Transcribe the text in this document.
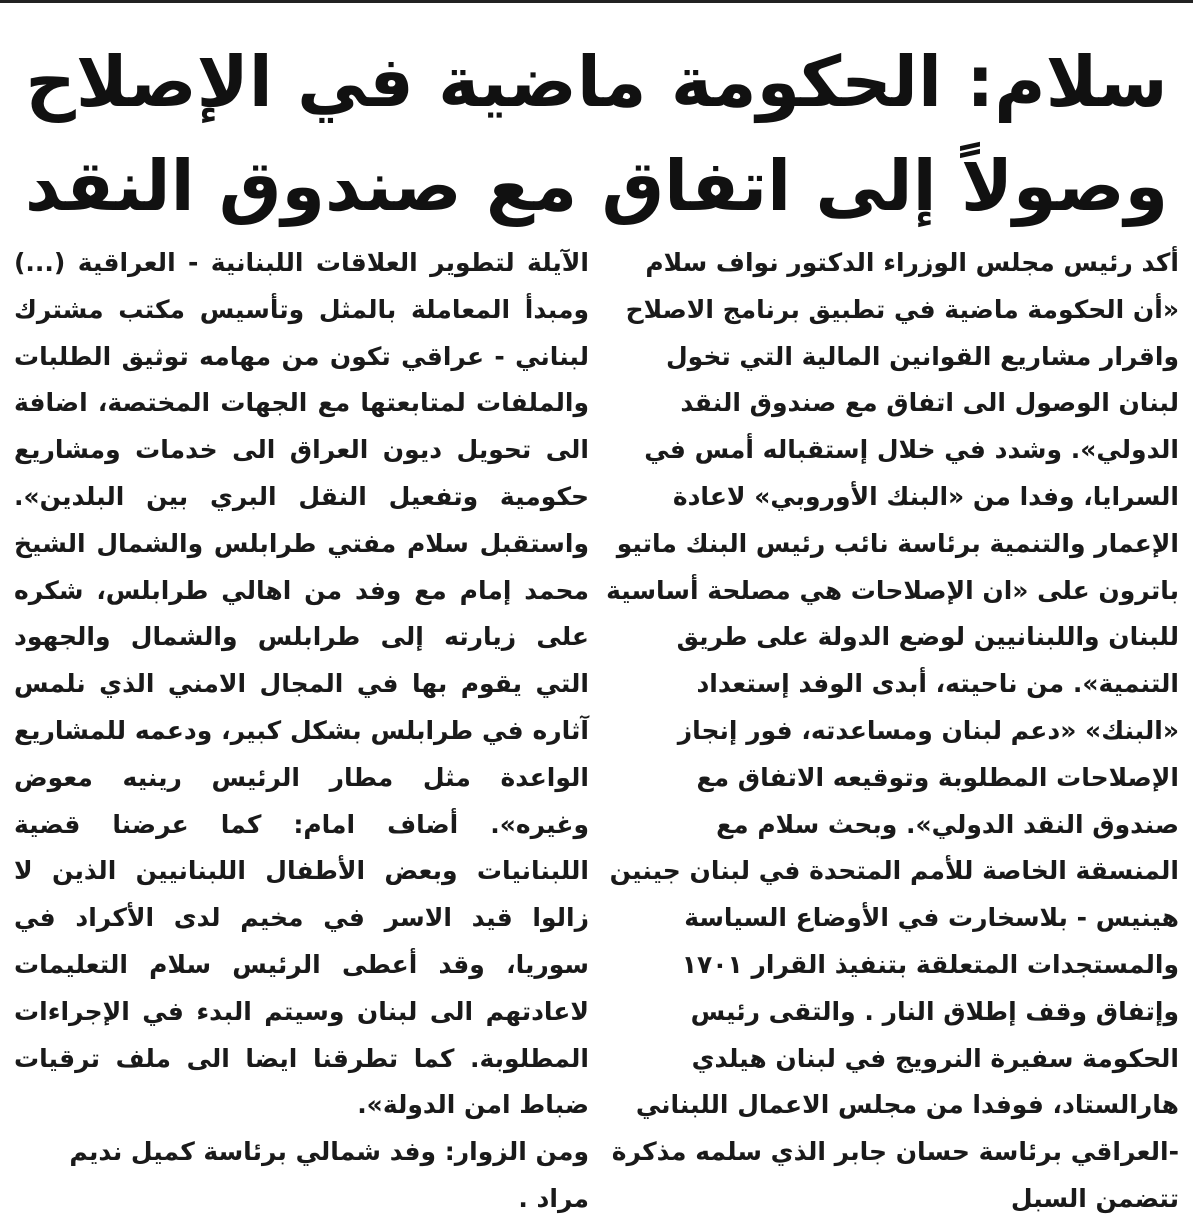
سلام: الحكومة ماضية في الإصلاح
وصولاً إلى اتفاق مع صندوق النقد

أكد رئيس مجلس الوزراء الدكتور نواف سلام «أن الحكومة ماضية في تطبيق برنامج الاصلاح واقرار مشاريع القوانين المالية التي تخول لبنان الوصول الى اتفاق مع صندوق النقد الدولي». وشدد في خلال إستقباله أمس في السرايا، وفدا من «البنك الأوروبي» لاعادة الإعمار والتنمية برئاسة نائب رئيس البنك ماتيو باترون على «ان الإصلاحات هي مصلحة أساسية للبنان واللبنانيين لوضع الدولة على طريق التنمية». من ناحيته، أبدى الوفد إستعداد «البنك» «دعم لبنان ومساعدته، فور إنجاز الإصلاحات المطلوبة وتوقيعه الاتفاق مع صندوق النقد الدولي». وبحث سلام مع المنسقة الخاصة للأمم المتحدة في لبنان جينين هينيس - بلاسخارت في الأوضاع السياسة والمستجدات المتعلقة بتنفيذ القرار ١٧٠١ وإتفاق وقف إطلاق النار . والتقى رئيس الحكومة سفيرة النرويج في لبنان هيلدي هارالستاد، فوفدا من مجلس الاعمال اللبناني -العراقي برئاسة حسان جابر الذي سلمه مذكرة تتضمن السبل

الآيلة لتطوير العلاقات اللبنانية - العراقية (...) ومبدأ المعاملة بالمثل وتأسيس مكتب مشترك لبناني - عراقي تكون من مهامه توثيق الطلبات والملفات لمتابعتها مع الجهات المختصة، اضافة الى تحويل ديون العراق الى خدمات ومشاريع حكومية وتفعيل النقل البري بين البلدين». واستقبل سلام مفتي طرابلس والشمال الشيخ محمد إمام مع وفد من اهالي طرابلس، شكره على زيارته إلى طرابلس والشمال والجهود التي يقوم بها في المجال الامني الذي نلمس آثاره في طرابلس بشكل كبير، ودعمه للمشاريع الواعدة مثل مطار الرئيس رينيه معوض وغيره». أضاف امام: كما عرضنا قضية اللبنانيات وبعض الأطفال اللبنانيين الذين لا زالوا قيد الاسر في مخيم لدى الأكراد في سوريا، وقد أعطى الرئيس سلام التعليمات لاعادتهم الى لبنان وسيتم البدء في الإجراءات المطلوبة. كما تطرقنا ايضا الى ملف ترقيات ضباط امن الدولة».

ومن الزوار: وفد شمالي برئاسة كميل نديم مراد .
